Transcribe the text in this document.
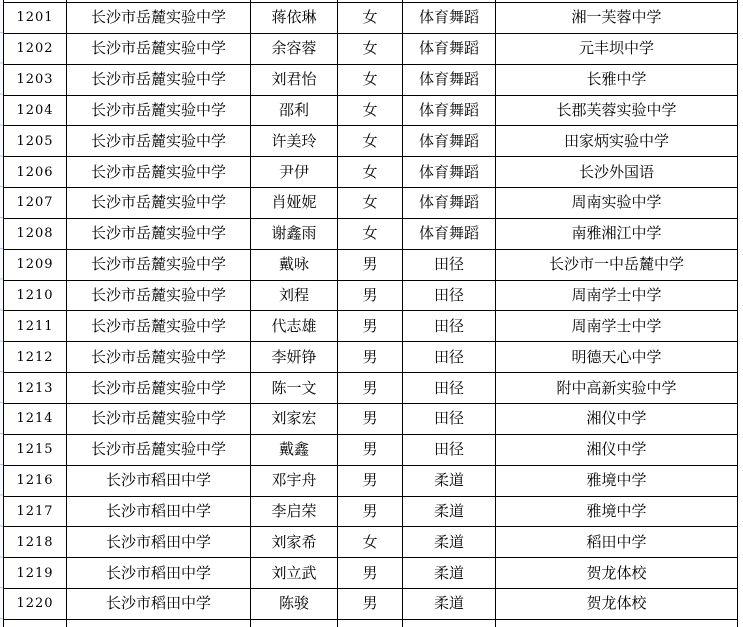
1201	长沙市岳麓实验中学	蒋依琳	女	体育舞蹈	湘一芙蓉中学
1202	长沙市岳麓实验中学	余容蓉	女	体育舞蹈	元丰坝中学
1203	长沙市岳麓实验中学	刘君怡	女	体育舞蹈	长雅中学
1204	长沙市岳麓实验中学	邵利	女	体育舞蹈	长郡芙蓉实验中学
1205	长沙市岳麓实验中学	许美玲	女	体育舞蹈	田家炳实验中学
1206	长沙市岳麓实验中学	尹伊	女	体育舞蹈	长沙外国语
1207	长沙市岳麓实验中学	肖娅妮	女	体育舞蹈	周南实验中学
1208	长沙市岳麓实验中学	谢鑫雨	女	体育舞蹈	南雅湘江中学
1209	长沙市岳麓实验中学	戴咏	男	田径	长沙市一中岳麓中学
1210	长沙市岳麓实验中学	刘程	男	田径	周南学士中学
1211	长沙市岳麓实验中学	代志雄	男	田径	周南学士中学
1212	长沙市岳麓实验中学	李妍铮	男	田径	明德天心中学
1213	长沙市岳麓实验中学	陈一文	男	田径	附中高新实验中学
1214	长沙市岳麓实验中学	刘家宏	男	田径	湘仪中学
1215	长沙市岳麓实验中学	戴鑫	男	田径	湘仪中学
1216	长沙市稻田中学	邓宇舟	男	柔道	雅境中学
1217	长沙市稻田中学	李启荣	男	柔道	雅境中学
1218	长沙市稻田中学	刘家希	女	柔道	稻田中学
1219	长沙市稻田中学	刘立武	男	柔道	贺龙体校
1220	长沙市稻田中学	陈骏	男	柔道	贺龙体校
